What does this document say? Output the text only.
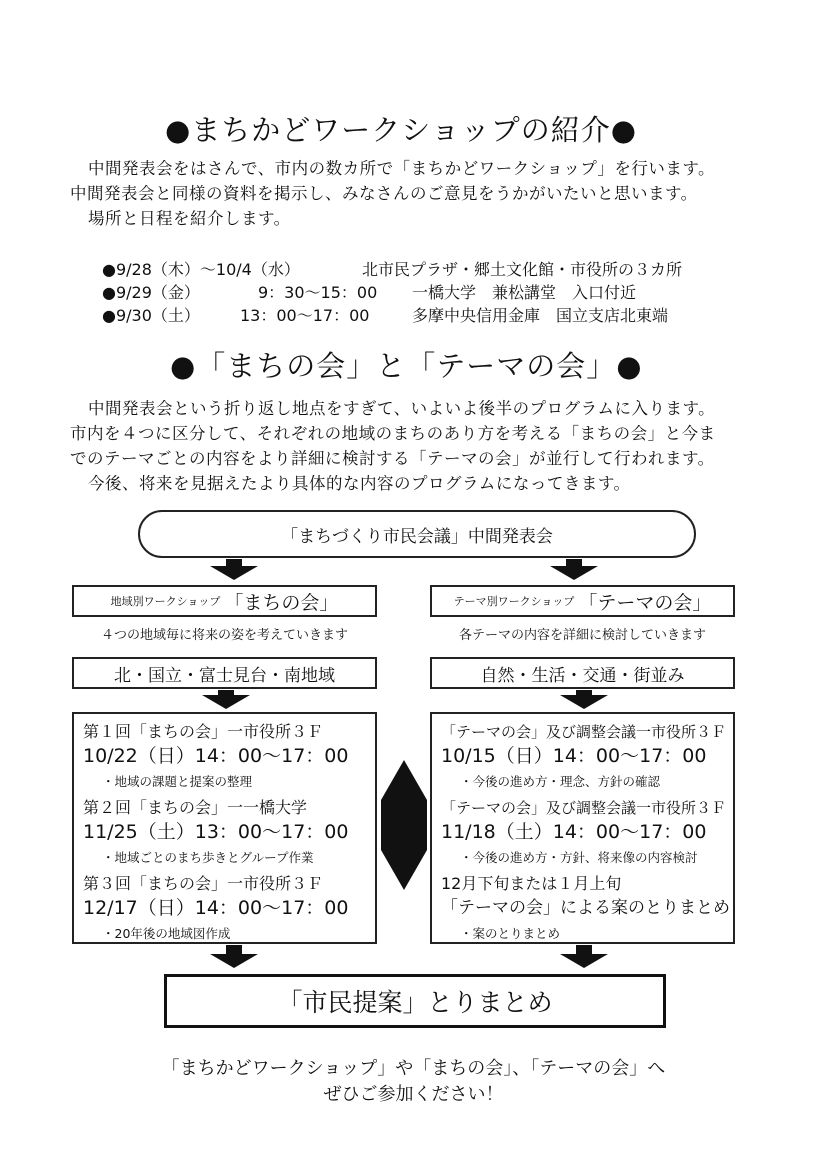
●まちかどワークショップの紹介●
中間発表会をはさんで、市内の数カ所で「まちかどワークショップ」を行います。
中間発表会と同様の資料を掲示し、みなさんのご意見をうかがいたいと思います。
場所と日程を紹介します。
●9/28（木）〜10/4（水）	北市民プラザ・郷土文化館・市役所の３カ所
●9/29（金）	9：30〜15：00 一橋大学　兼松講堂　入口付近
●9/30（土）	13：00〜17：00	多摩中央信用金庫　国立支店北東端
●「まちの会」と「テーマの会」●
中間発表会という折り返し地点をすぎて、いよいよ後半のプログラムに入ります。
市内を４つに区分して、それぞれの地域のまちのあり方を考える「まちの会」と今ま
でのテーマごとの内容をより詳細に検討する「テーマの会」が並行して行われます。
今後、将来を見据えたより具体的な内容のプログラムになってきます。
「まちづくり市民会議」中間発表会
地域別ワークショップ 「まちの会」
４つの地域毎に将来の姿を考えていきます
北・国立・富士見台・南地域
第１回「まちの会」一市役所３Ｆ
10/22（日）14：00〜17：00
・地域の課題と提案の整理
第２回「まちの会」一一橋大学
11/25（土）13：00〜17：00
・地域ごとのまち歩きとグループ作業
第３回「まちの会」一市役所３Ｆ
12/17（日）14：00〜17：00
・20年後の地域図作成
テーマ別ワークショップ 「テーマの会」
各テーマの内容を詳細に検討していきます
自然・生活・交通・街並み
「テーマの会」及び調整会議一市役所３Ｆ
10/15（日）14：00〜17：00
・今後の進め方・理念、方針の確認
「テーマの会」及び調整会議一市役所３Ｆ
11/18（土）14：00〜17：00
・今後の進め方・方針、将来像の内容検討
12月下旬または１月上旬
「テーマの会」による案のとりまとめ
・案のとりまとめ
「市民提案」とりまとめ
「まちかどワークショップ」や「まちの会」、「テーマの会」へ
ぜひご参加ください！
